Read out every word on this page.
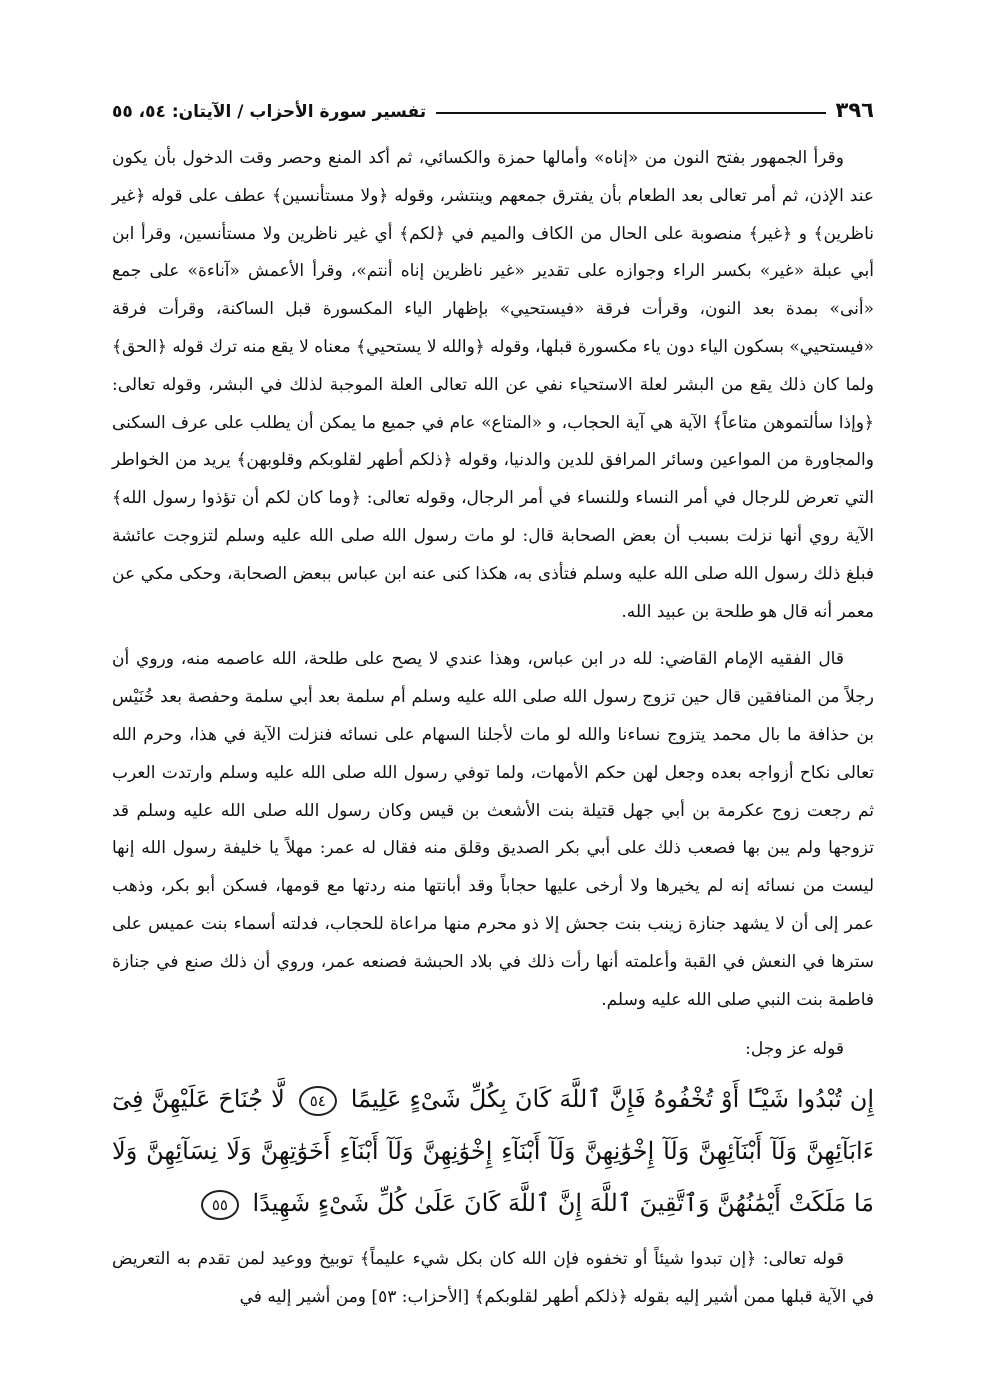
٣٩٦
تفسير سورة الأحزاب / الآيتان: ٥٤، ٥٥

وقرأ الجمهور بفتح النون من «إناه» وأمالها حمزة والكسائي، ثم أكد المنع وحصر وقت الدخول بأن يكون عند الإذن، ثم أمر تعالى بعد الطعام بأن يفترق جمعهم وينتشر، وقوله ﴿ولا مستأنسين﴾ عطف على قوله ﴿غير ناظرين﴾ و ﴿غير﴾ منصوبة على الحال من الكاف والميم في ﴿لكم﴾ أي غير ناظرين ولا مستأنسين، وقرأ ابن أبي عبلة «غير» بكسر الراء وجوازه على تقدير «غير ناظرين إناه أنتم»، وقرأ الأعمش «آناءة» على جمع «أنى» بمدة بعد النون، وقرأت فرقة «فيستحيي» بإظهار الياء المكسورة قبل الساكنة، وقرأت فرقة «فيستحيي» بسكون الياء دون ياء مكسورة قبلها، وقوله ﴿والله لا يستحيي﴾ معناه لا يقع منه ترك قوله ﴿الحق﴾ ولما كان ذلك يقع من البشر لعلة الاستحياء نفي عن الله تعالى العلة الموجبة لذلك في البشر، وقوله تعالى: ﴿وإذا سألتموهن متاعاً﴾ الآية هي آية الحجاب، و «المتاع» عام في جميع ما يمكن أن يطلب على عرف السكنى والمجاورة من المواعين وسائر المرافق للدين والدنيا، وقوله ﴿ذلكم أطهر لقلوبكم وقلوبهن﴾ يريد من الخواطر التي تعرض للرجال في أمر النساء وللنساء في أمر الرجال، وقوله تعالى: ﴿وما كان لكم أن تؤذوا رسول الله﴾ الآية روي أنها نزلت بسبب أن بعض الصحابة قال: لو مات رسول الله صلى الله عليه وسلم لتزوجت عائشة فبلغ ذلك رسول الله صلى الله عليه وسلم فتأذى به، هكذا كنى عنه ابن عباس ببعض الصحابة، وحكى مكي عن معمر أنه قال هو طلحة بن عبيد الله.

قال الفقيه الإمام القاضي: لله در ابن عباس، وهذا عندي لا يصح على طلحة، الله عاصمه منه، وروي أن رجلاً من المنافقين قال حين تزوج رسول الله صلى الله عليه وسلم أم سلمة بعد أبي سلمة وحفصة بعد خُنَيْس بن حذافة ما بال محمد يتزوج نساءنا والله لو مات لأجلنا السهام على نسائه فنزلت الآية في هذا، وحرم الله تعالى نكاح أزواجه بعده وجعل لهن حكم الأمهات، ولما توفي رسول الله صلى الله عليه وسلم وارتدت العرب ثم رجعت زوج عكرمة بن أبي جهل قتيلة بنت الأشعث بن قيس وكان رسول الله صلى الله عليه وسلم قد تزوجها ولم يبن بها فصعب ذلك على أبي بكر الصديق وقلق منه فقال له عمر: مهلاً يا خليفة رسول الله إنها ليست من نسائه إنه لم يخيرها ولا أرخى عليها حجاباً وقد أبانتها منه ردتها مع قومها، فسكن أبو بكر، وذهب عمر إلى أن لا يشهد جنازة زينب بنت جحش إلا ذو محرم منها مراعاة للحجاب، فدلته أسماء بنت عميس على سترها في النعش في القبة وأعلمته أنها رأت ذلك في بلاد الحبشة فصنعه عمر، وروي أن ذلك صنع في جنازة فاطمة بنت النبي صلى الله عليه وسلم.

قوله عز وجل:

إِن تُبْدُوا شَيْـًٔا أَوْ تُخْفُوهُ فَإِنَّ ٱللَّهَ كَانَ بِكُلِّ شَىْءٍ عَلِيمًا ٥٤ لَّا جُنَاحَ عَلَيْهِنَّ فِىٓ ءَابَآئِهِنَّ وَلَآ أَبْنَآئِهِنَّ وَلَآ إِخْوَٰنِهِنَّ وَلَآ أَبْنَآءِ إِخْوَٰنِهِنَّ وَلَآ أَبْنَآءِ أَخَوَٰتِهِنَّ وَلَا نِسَآئِهِنَّ وَلَا مَا مَلَكَتْ أَيْمَٰنُهُنَّ وَٱتَّقِينَ ٱللَّهَ إِنَّ ٱللَّهَ كَانَ عَلَىٰ كُلِّ شَىْءٍ شَهِيدًا ٥٥

قوله تعالى: ﴿إن تبدوا شيئاً أو تخفوه فإن الله كان بكل شيء عليماً﴾ توبيخ ووعيد لمن تقدم به التعريض في الآية قبلها ممن أشير إليه بقوله ﴿ذلكم أطهر لقلوبكم﴾ [الأحزاب: ٥٣] ومن أشير إليه في
